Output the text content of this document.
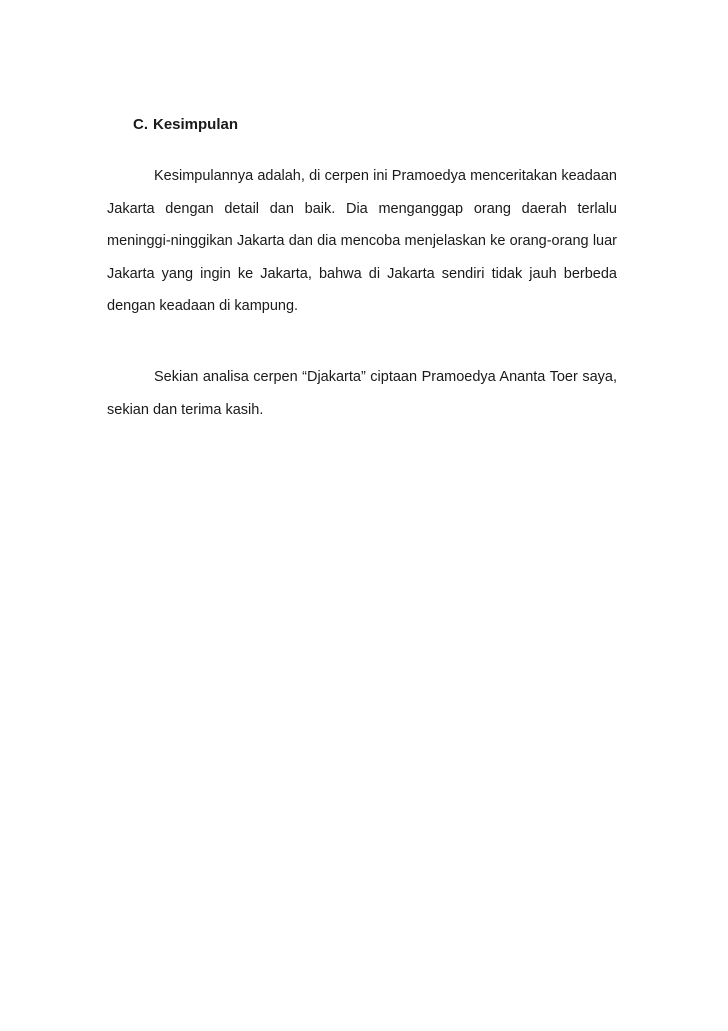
C. Kesimpulan

Kesimpulannya adalah, di cerpen ini Pramoedya menceritakan keadaan Jakarta dengan detail dan baik. Dia menganggap orang daerah terlalu meninggi-ninggikan Jakarta dan dia mencoba menjelaskan ke orang-orang luar Jakarta yang ingin ke Jakarta, bahwa di Jakarta sendiri tidak jauh berbeda dengan keadaan di kampung.

Sekian analisa cerpen “Djakarta” ciptaan Pramoedya Ananta Toer saya, sekian dan terima kasih.
